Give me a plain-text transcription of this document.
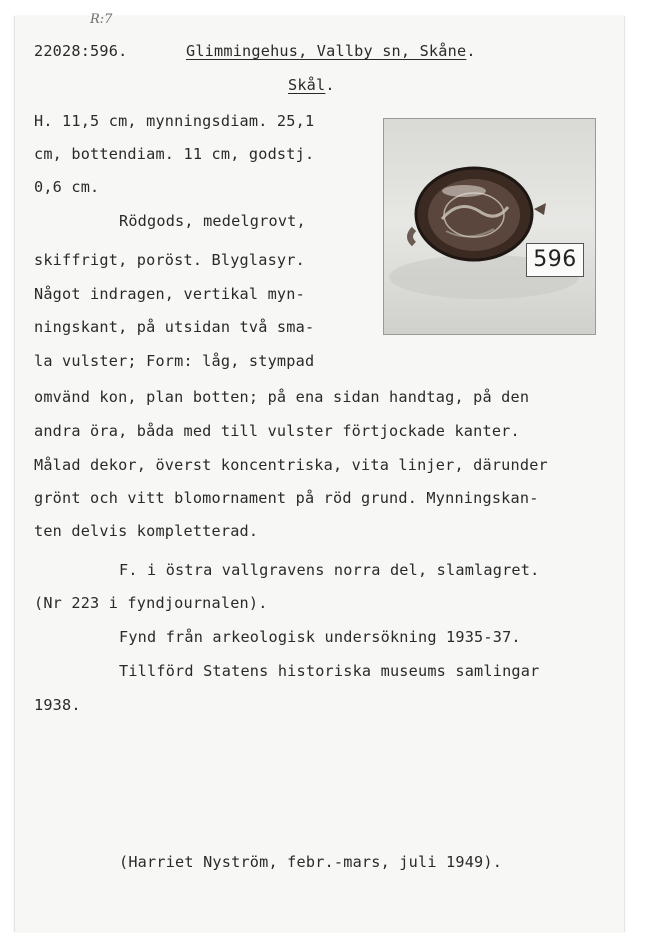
R:7
22028:596.	Glimmingehus, Vallby sn, Skåne.
Skål.
596
H. 11,5 cm, mynningsdiam. 25,1
cm, bottendiam. 11 cm, godstj.
0,6 cm.
Rödgods, medelgrovt,
skiffrigt, poröst. Blyglasyr.
Något indragen, vertikal myn-
ningskant, på utsidan två sma-
la vulster; Form: låg, stympad
omvänd kon, plan botten; på ena sidan handtag, på den
andra öra, båda med till vulster förtjockade kanter.
Målad dekor, överst koncentriska, vita linjer, därunder
grönt och vitt blomornament på röd grund. Mynningskan-
ten delvis kompletterad.
F. i östra vallgravens norra del, slamlagret.
(Nr 223 i fyndjournalen).
Fynd från arkeologisk undersökning 1935-37.
Tillförd Statens historiska museums samlingar
1938.
(Harriet Nyström, febr.-mars, juli 1949).
